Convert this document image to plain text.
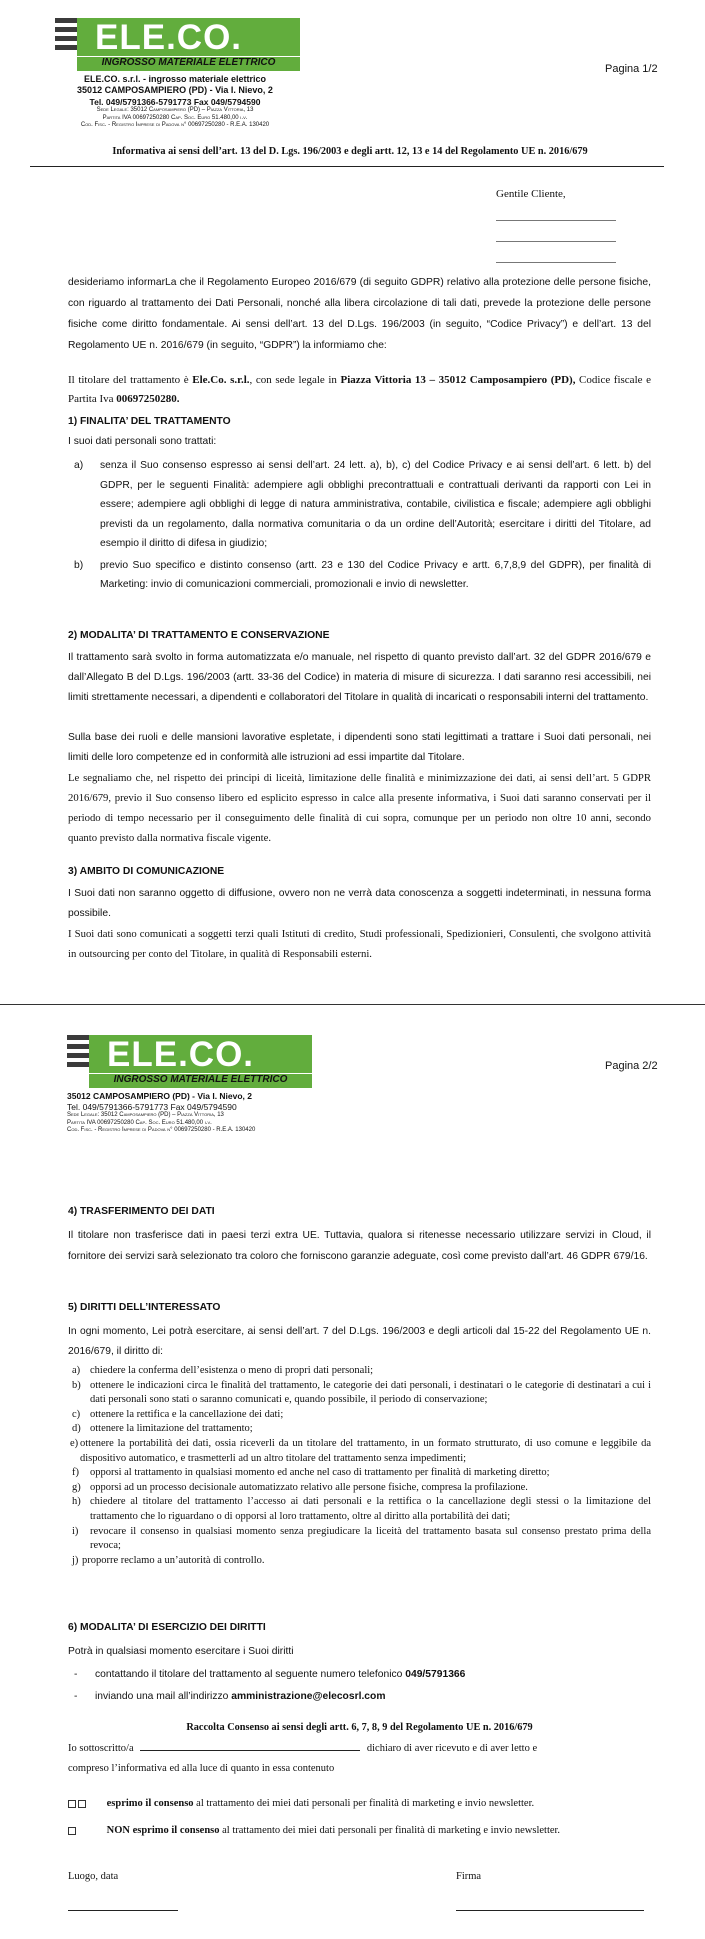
ELE.CO.
INGROSSO MATERIALE ELETTRICO
ELE.CO. s.r.l. - ingrosso materiale elettrico
35012 CAMPOSAMPIERO (PD) - Via I. Nievo, 2
Tel. 049/5791366-5791773 Fax 049/5794590
Sede Legale: 35012 Camposampiero (PD) – Piazza Vittoria, 13
Partita IVA 00697250280 Cap. Soc. Euro 51.480,00 i.v.
Cod. Fisc. - Registro Imprese di Padova n° 00697250280 - R.E.A. 130420
Pagina 1/2
Informativa ai sensi dell’art. 13 del D. Lgs. 196/2003 e degli artt. 12, 13 e 14 del Regolamento UE n. 2016/679
Gentile Cliente,
desideriamo informarLa che il Regolamento Europeo 2016/679 (di seguito GDPR) relativo alla protezione delle persone fisiche, con riguardo al trattamento dei Dati Personali, nonché alla libera circolazione di tali dati, prevede la protezione delle persone fisiche come diritto fondamentale. Ai sensi dell’art. 13 del D.Lgs. 196/2003 (in seguito, “Codice Privacy”) e dell’art. 13 del Regolamento UE n. 2016/679 (in seguito, “GDPR”) la informiamo che:
Il titolare del trattamento è Ele.Co. s.r.l., con sede legale in Piazza Vittoria 13 – 35012 Camposampiero (PD), Codice fiscale e Partita Iva 00697250280.
1) FINALITA’ DEL TRATTAMENTO
I suoi dati personali sono trattati:
a) senza il Suo consenso espresso ai sensi dell’art. 24 lett. a), b), c) del Codice Privacy e ai sensi dell’art. 6 lett. b) del GDPR, per le seguenti Finalità: adempiere agli obblighi precontrattuali e contrattuali derivanti da rapporti con Lei in essere; adempiere agli obblighi di legge di natura amministrativa, contabile, civilistica e fiscale; adempiere agli obblighi previsti da un regolamento, dalla normativa comunitaria o da un ordine dell’Autorità; esercitare i diritti del Titolare, ad esempio il diritto di difesa in giudizio;
b) previo Suo specifico e distinto consenso (artt. 23 e 130 del Codice Privacy e artt. 6,7,8,9 del GDPR), per finalità di Marketing: invio di comunicazioni commerciali, promozionali e invio di newsletter.
2) MODALITA’ DI TRATTAMENTO E CONSERVAZIONE
Il trattamento sarà svolto in forma automatizzata e/o manuale, nel rispetto di quanto previsto dall’art. 32 del GDPR 2016/679 e dall’Allegato B del D.Lgs. 196/2003 (artt. 33-36 del Codice) in materia di misure di sicurezza. I dati saranno resi accessibili, nei limiti strettamente necessari, a dipendenti e collaboratori del Titolare in qualità di incaricati o responsabili interni del trattamento.
Sulla base dei ruoli e delle mansioni lavorative espletate, i dipendenti sono stati legittimati a trattare i Suoi dati personali, nei limiti delle loro competenze ed in conformità alle istruzioni ad essi impartite dal Titolare.
Le segnaliamo che, nel rispetto dei principi di liceità, limitazione delle finalità e minimizzazione dei dati, ai sensi dell’art. 5 GDPR 2016/679, previo il Suo consenso libero ed esplicito espresso in calce alla presente informativa, i Suoi dati saranno conservati per il periodo di tempo necessario per il conseguimento delle finalità di cui sopra, comunque per un periodo non oltre 10 anni, secondo quanto previsto dalla normativa fiscale vigente.
3) AMBITO DI COMUNICAZIONE
I Suoi dati non saranno oggetto di diffusione, ovvero non ne verrà data conoscenza a soggetti indeterminati, in nessuna forma possibile.
I Suoi dati sono comunicati a soggetti terzi quali Istituti di credito, Studi professionali, Spedizionieri, Consulenti, che svolgono attività in outsourcing per conto del Titolare, in qualità di Responsabili esterni.
ELE.CO.
INGROSSO MATERIALE ELETTRICO
35012 CAMPOSAMPIERO (PD) - Via I. Nievo, 2
Tel. 049/5791366-5791773 Fax 049/5794590
Sede Legale: 35012 Camposampiero (PD) – Piazza Vittoria, 13
Partita IVA 00697250280 Cap. Soc. Euro 51.480,00 i.v.
Cod. Fisc. - Registro Imprese di Padova n° 00697250280 - R.E.A. 130420
Pagina 2/2
4) TRASFERIMENTO DEI DATI
Il titolare non trasferisce dati in paesi terzi extra UE. Tuttavia, qualora si ritenesse necessario utilizzare servizi in Cloud, il fornitore dei servizi sarà selezionato tra coloro che forniscono garanzie adeguate, così come previsto dall’art. 46 GDPR 679/16.
5) DIRITTI DELL’INTERESSATO
In ogni momento, Lei potrà esercitare, ai sensi dell’art. 7 del D.Lgs. 196/2003 e degli articoli dal 15-22 del Regolamento UE n. 2016/679, il diritto di:
a) chiedere la conferma dell’esistenza o meno di propri dati personali;
b) ottenere le indicazioni circa le finalità del trattamento, le categorie dei dati personali, i destinatari o le categorie di destinatari a cui i dati personali sono stati o saranno comunicati e, quando possibile, il periodo di conservazione;
c) ottenere la rettifica e la cancellazione dei dati;
d) ottenere la limitazione del trattamento;
e) ottenere la portabilità dei dati, ossia riceverli da un titolare del trattamento, in un formato strutturato, di uso comune e leggibile da dispositivo automatico, e trasmetterli ad un altro titolare del trattamento senza impedimenti;
f) opporsi al trattamento in qualsiasi momento ed anche nel caso di trattamento per finalità di marketing diretto;
g) opporsi ad un processo decisionale automatizzato relativo alle persone fisiche, compresa la profilazione.
h) chiedere al titolare del trattamento l’accesso ai dati personali e la rettifica o la cancellazione degli stessi o la limitazione del trattamento che lo riguardano o di opporsi al loro trattamento, oltre al diritto alla portabilità dei dati;
i) revocare il consenso in qualsiasi momento senza pregiudicare la liceità del trattamento basata sul consenso prestato prima della revoca;
j) proporre reclamo a un’autorità di controllo.
6) MODALITA’ DI ESERCIZIO DEI DIRITTI
Potrà in qualsiasi momento esercitare i Suoi diritti
- contattando il titolare del trattamento al seguente numero telefonico 049/5791366
- inviando una mail all’indirizzo amministrazione@elecosrl.com
Raccolta Consenso ai sensi degli artt. 6, 7, 8, 9 del Regolamento UE n. 2016/679
Io sottoscritto/a	dichiaro di aver ricevuto e di aver letto e
compreso l’informativa ed alla luce di quanto in essa contenuto
esprimo il consenso al trattamento dei miei dati personali per finalità di marketing e invio newsletter.
NON esprimo il consenso al trattamento dei miei dati personali per finalità di marketing e invio newsletter.
Luogo, data	Firma
